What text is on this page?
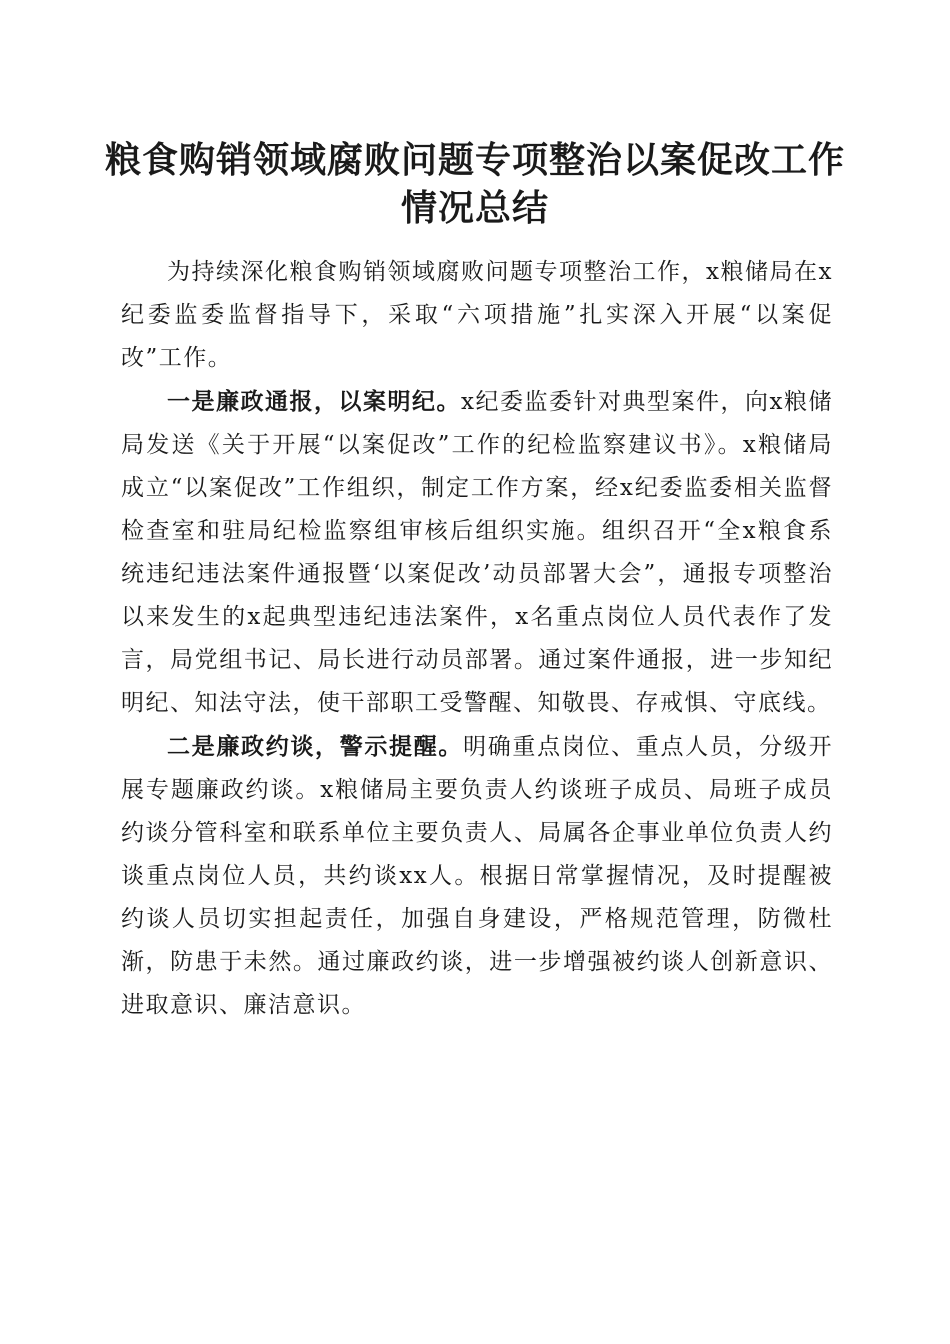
粮食购销领域腐败问题专项整治以案促改工作
情况总结

为持续深化粮食购销领域腐败问题专项整治工作，x粮储局在x纪委监委监督指导下，采取“六项措施”扎实深入开展“以案促改”工作。

一是廉政通报，以案明纪。x纪委监委针对典型案件，向x粮储局发送《关于开展“以案促改”工作的纪检监察建议书》。x粮储局成立“以案促改”工作组织，制定工作方案，经x纪委监委相关监督检查室和驻局纪检监察组审核后组织实施。组织召开“全x粮食系统违纪违法案件通报暨‘以案促改’动员部署大会”，通报专项整治以来发生的x起典型违纪违法案件，x名重点岗位人员代表作了发言，局党组书记、局长进行动员部署。通过案件通报，进一步知纪明纪、知法守法，使干部职工受警醒、知敬畏、存戒惧、守底线。

二是廉政约谈，警示提醒。明确重点岗位、重点人员，分级开展专题廉政约谈。x粮储局主要负责人约谈班子成员、局班子成员约谈分管科室和联系单位主要负责人、局属各企事业单位负责人约谈重点岗位人员，共约谈xx人。根据日常掌握情况，及时提醒被约谈人员切实担起责任，加强自身建设，严格规范管理，防微杜渐，防患于未然。通过廉政约谈，进一步增强被约谈人创新意识、进取意识、廉洁意识。
